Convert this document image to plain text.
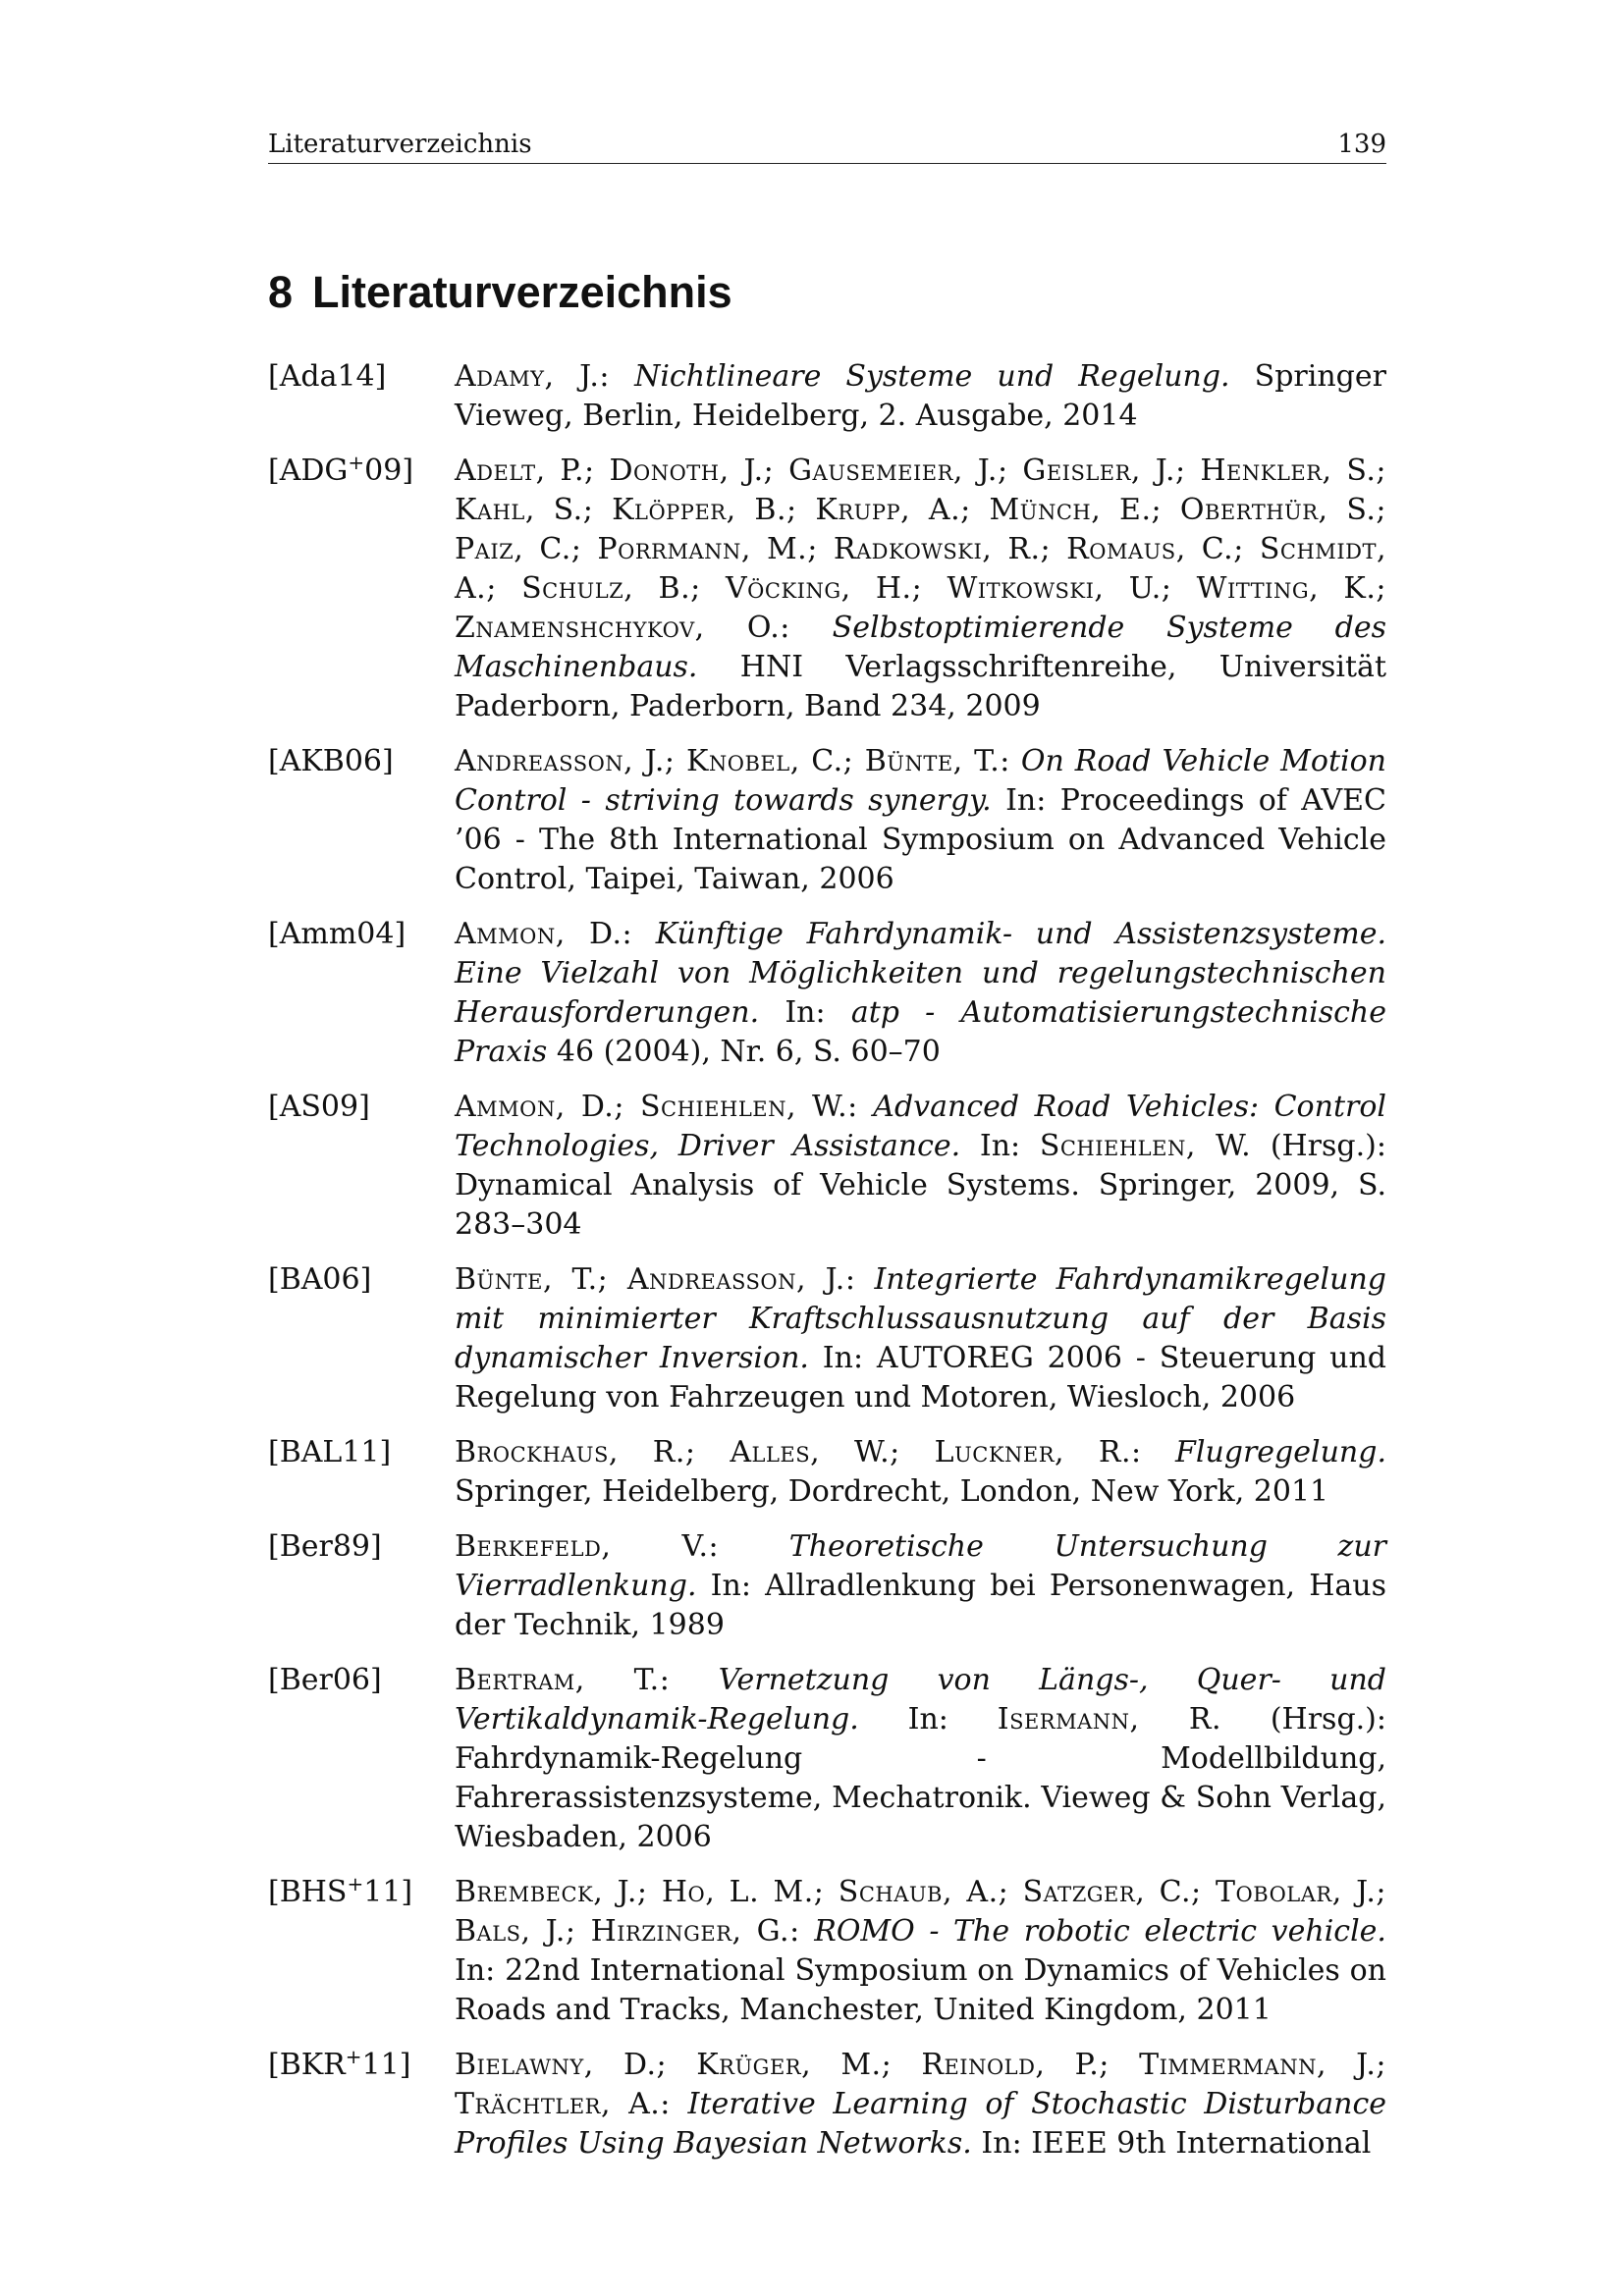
Literaturverzeichnis	139
8 Literaturverzeichnis
[Ada14]	Adamy, J.: Nichtlineare Systeme und Regelung. Springer Vieweg, Berlin, Heidelberg, 2. Ausgabe, 2014
[ADG+09]	Adelt, P.; Donoth, J.; Gausemeier, J.; Geisler, J.; Henkler, S.; Kahl, S.; Klöpper, B.; Krupp, A.; Münch, E.; Oberthür, S.; Paiz, C.; Porrmann, M.; Radkowski, R.; Romaus, C.; Schmidt, A.; Schulz, B.; Vöcking, H.; Witkowski, U.; Witting, K.; Znamenshchykov, O.: Selbstoptimierende Systeme des Maschinenbaus. HNI Verlagsschriftenreihe, Universität Paderborn, Paderborn, Band 234, 2009
[AKB06]	Andreasson, J.; Knobel, C.; Bünte, T.: On Road Vehicle Motion Control - striving towards synergy. In: Proceedings of AVEC ’06 - The 8th International Symposium on Advanced Vehicle Control, Taipei, Taiwan, 2006
[Amm04]	Ammon, D.: Künftige Fahrdynamik- und Assistenzsysteme. Eine Vielzahl von Möglichkeiten und regelungstechnischen Herausforderungen. In: atp - Automatisierungstechnische Praxis 46 (2004), Nr. 6, S. 60–70
[AS09]	Ammon, D.; Schiehlen, W.: Advanced Road Vehicles: Control Technologies, Driver Assistance. In: Schiehlen, W. (Hrsg.): Dynamical Analysis of Vehicle Systems. Springer, 2009, S. 283–304
[BA06]	Bünte, T.; Andreasson, J.: Integrierte Fahrdynamikregelung mit minimierter Kraftschlussausnutzung auf der Basis dynamischer Inversion. In: AUTOREG 2006 - Steuerung und Regelung von Fahrzeugen und Motoren, Wiesloch, 2006
[BAL11]	Brockhaus, R.; Alles, W.; Luckner, R.: Flugregelung. Springer, Heidelberg, Dordrecht, London, New York, 2011
[Ber89]	Berkefeld, V.: Theoretische Untersuchung zur Vierradlenkung. In: Allradlenkung bei Personenwagen, Haus der Technik, 1989
[Ber06]	Bertram, T.: Vernetzung von Längs-, Quer- und Vertikaldynamik-Regelung. In: Isermann, R. (Hrsg.): Fahrdynamik-Regelung - Modellbildung, Fahrerassistenzsysteme, Mechatronik. Vieweg & Sohn Verlag, Wiesbaden, 2006
[BHS+11]	Brembeck, J.; Ho, L. M.; Schaub, A.; Satzger, C.; Tobolar, J.; Bals, J.; Hirzinger, G.: ROMO - The robotic electric vehicle. In: 22nd International Symposium on Dynamics of Vehicles on Roads and Tracks, Manchester, United Kingdom, 2011
[BKR+11]	Bielawny, D.; Krüger, M.; Reinold, P.; Timmermann, J.; Trächtler, A.: Iterative Learning of Stochastic Disturbance Profiles Using Bayesian Networks. In: IEEE 9th International
